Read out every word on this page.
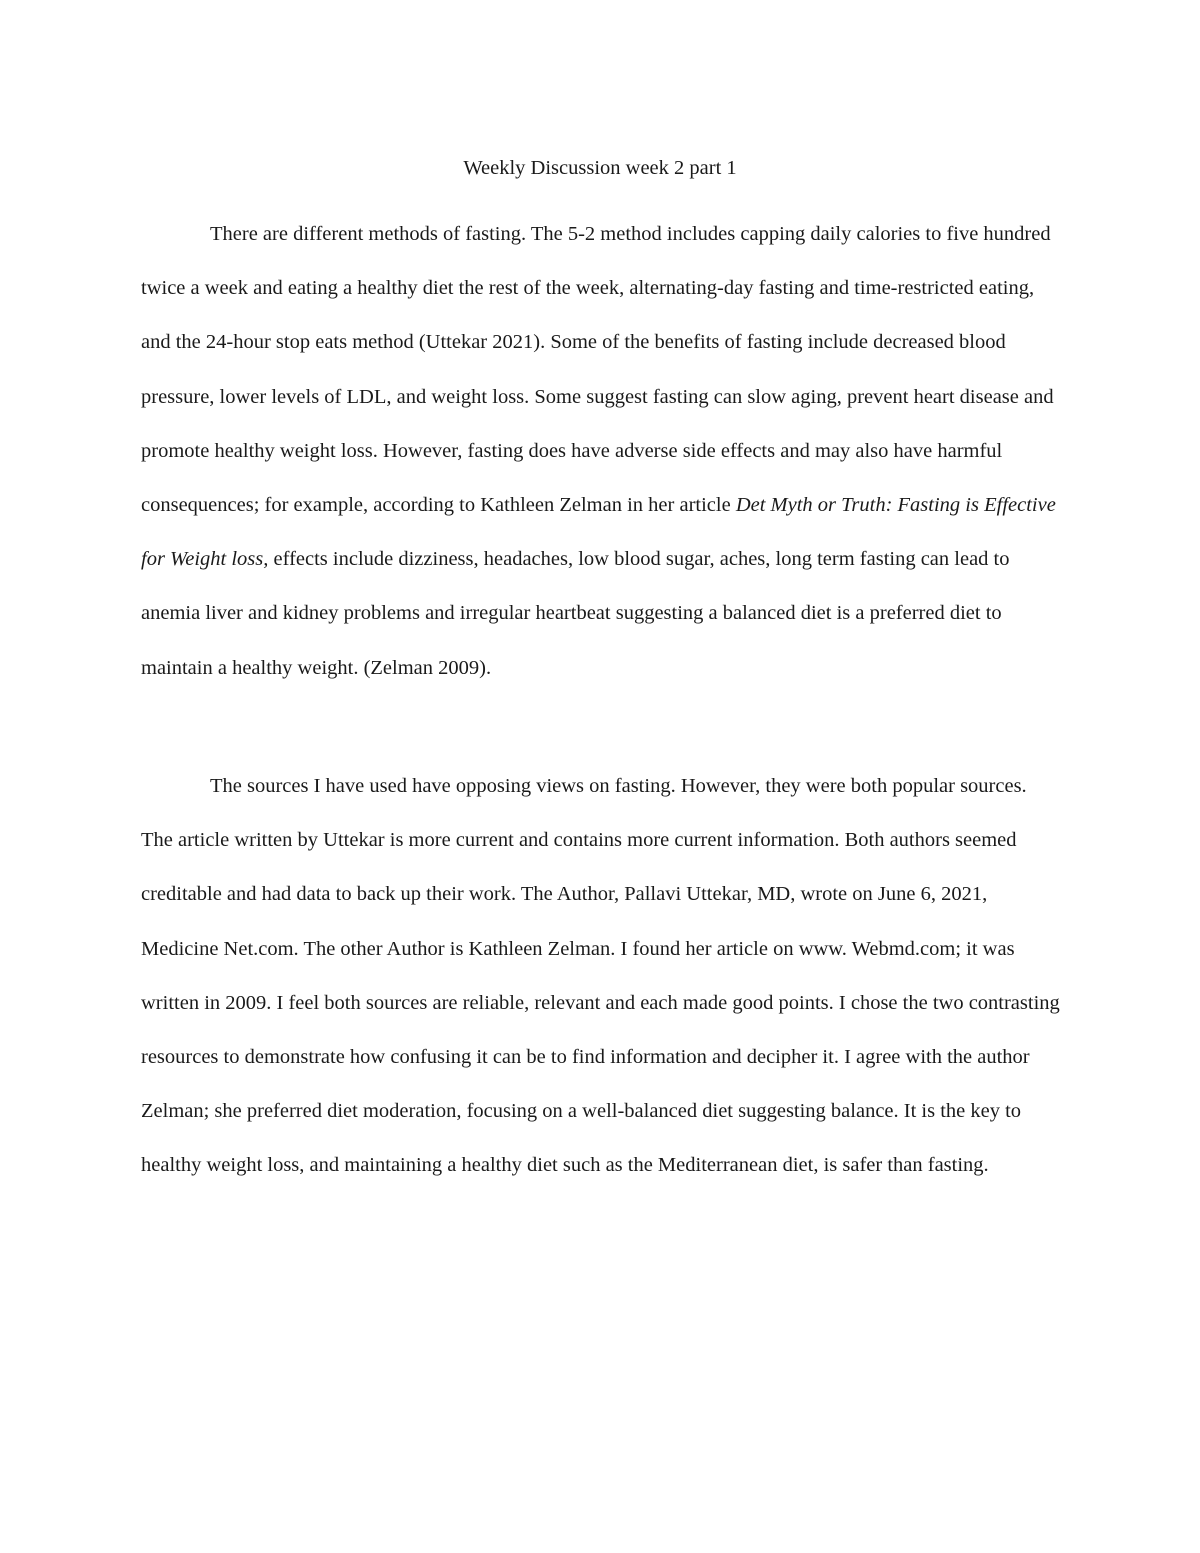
Weekly Discussion week 2 part 1

There are different methods of fasting. The 5-2 method includes capping daily calories to five hundred twice a week and eating a healthy diet the rest of the week, alternating-day fasting and time-restricted eating, and the 24-hour stop eats method (Uttekar 2021). Some of the benefits of fasting include decreased blood pressure, lower levels of LDL, and weight loss. Some suggest fasting can slow aging, prevent heart disease and promote healthy weight loss. However, fasting does have adverse side effects and may also have harmful consequences; for example, according to Kathleen Zelman in her article Det Myth or Truth: Fasting is Effective for Weight loss, effects include dizziness, headaches, low blood sugar, aches, long term fasting can lead to anemia liver and kidney problems and irregular heartbeat suggesting a balanced diet is a preferred diet to maintain a healthy weight. (Zelman 2009).

The sources I have used have opposing views on fasting. However, they were both popular sources. The article written by Uttekar is more current and contains more current information. Both authors seemed creditable and had data to back up their work. The Author, Pallavi Uttekar, MD, wrote on June 6, 2021, Medicine Net.com. The other Author is Kathleen Zelman. I found her article on www. Webmd.com; it was written in 2009. I feel both sources are reliable, relevant and each made good points. I chose the two contrasting resources to demonstrate how confusing it can be to find information and decipher it. I agree with the author Zelman; she preferred diet moderation, focusing on a well-balanced diet suggesting balance. It is the key to healthy weight loss, and maintaining a healthy diet such as the Mediterranean diet, is safer than fasting.
